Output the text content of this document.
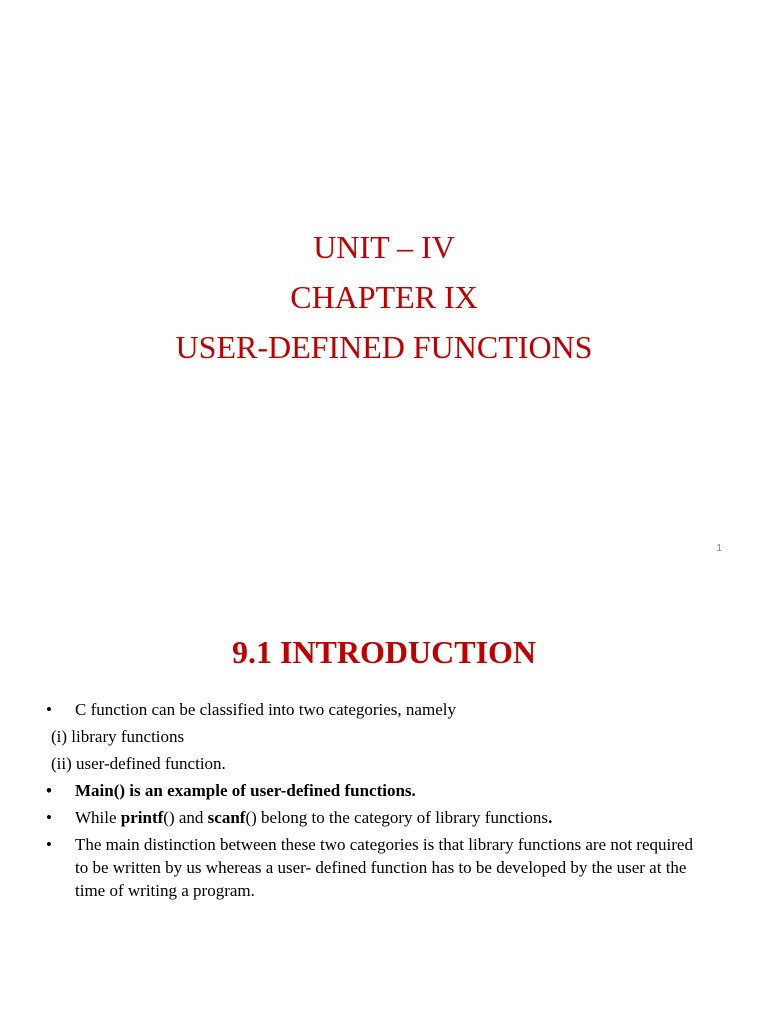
UNIT – IV
CHAPTER IX
USER-DEFINED FUNCTIONS
1
9.1 INTRODUCTION
• C function can be classified into two categories, namely
(i) library functions
(ii) user-defined function.
• Main() is an example of user-defined functions.
• While printf() and scanf() belong to the category of library functions.
• The main distinction between these two categories is that library functions are not required to be written by us whereas a user- defined function has to be developed by the user at the time of writing a program.
